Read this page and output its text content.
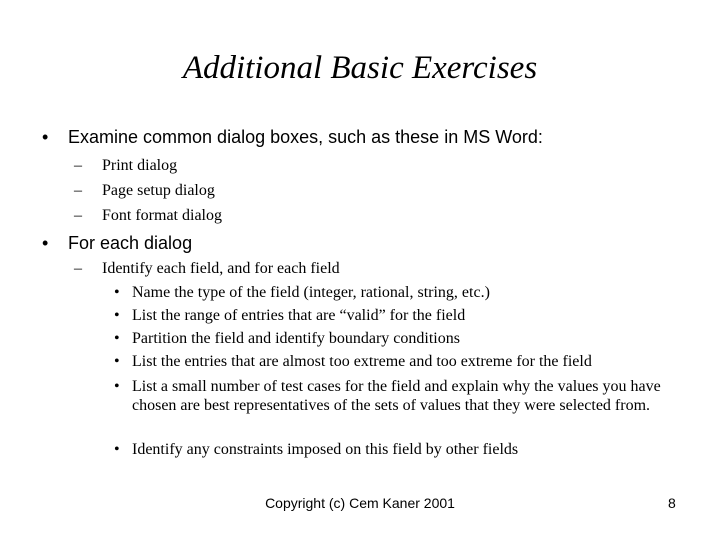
Additional Basic Exercises
• Examine common dialog boxes, such as these in MS Word:
– Print dialog
– Page setup dialog
– Font format dialog
• For each dialog
– Identify each field, and for each field
• Name the type of the field (integer, rational, string, etc.)
• List the range of entries that are “valid” for the field
• Partition the field and identify boundary conditions
• List the entries that are almost too extreme and too extreme for the field
• List a small number of test cases for the field and explain why the values you have chosen are best representatives of the sets of values that they were selected from.
• Identify any constraints imposed on this field by other fields
Copyright (c) Cem Kaner 2001	8
